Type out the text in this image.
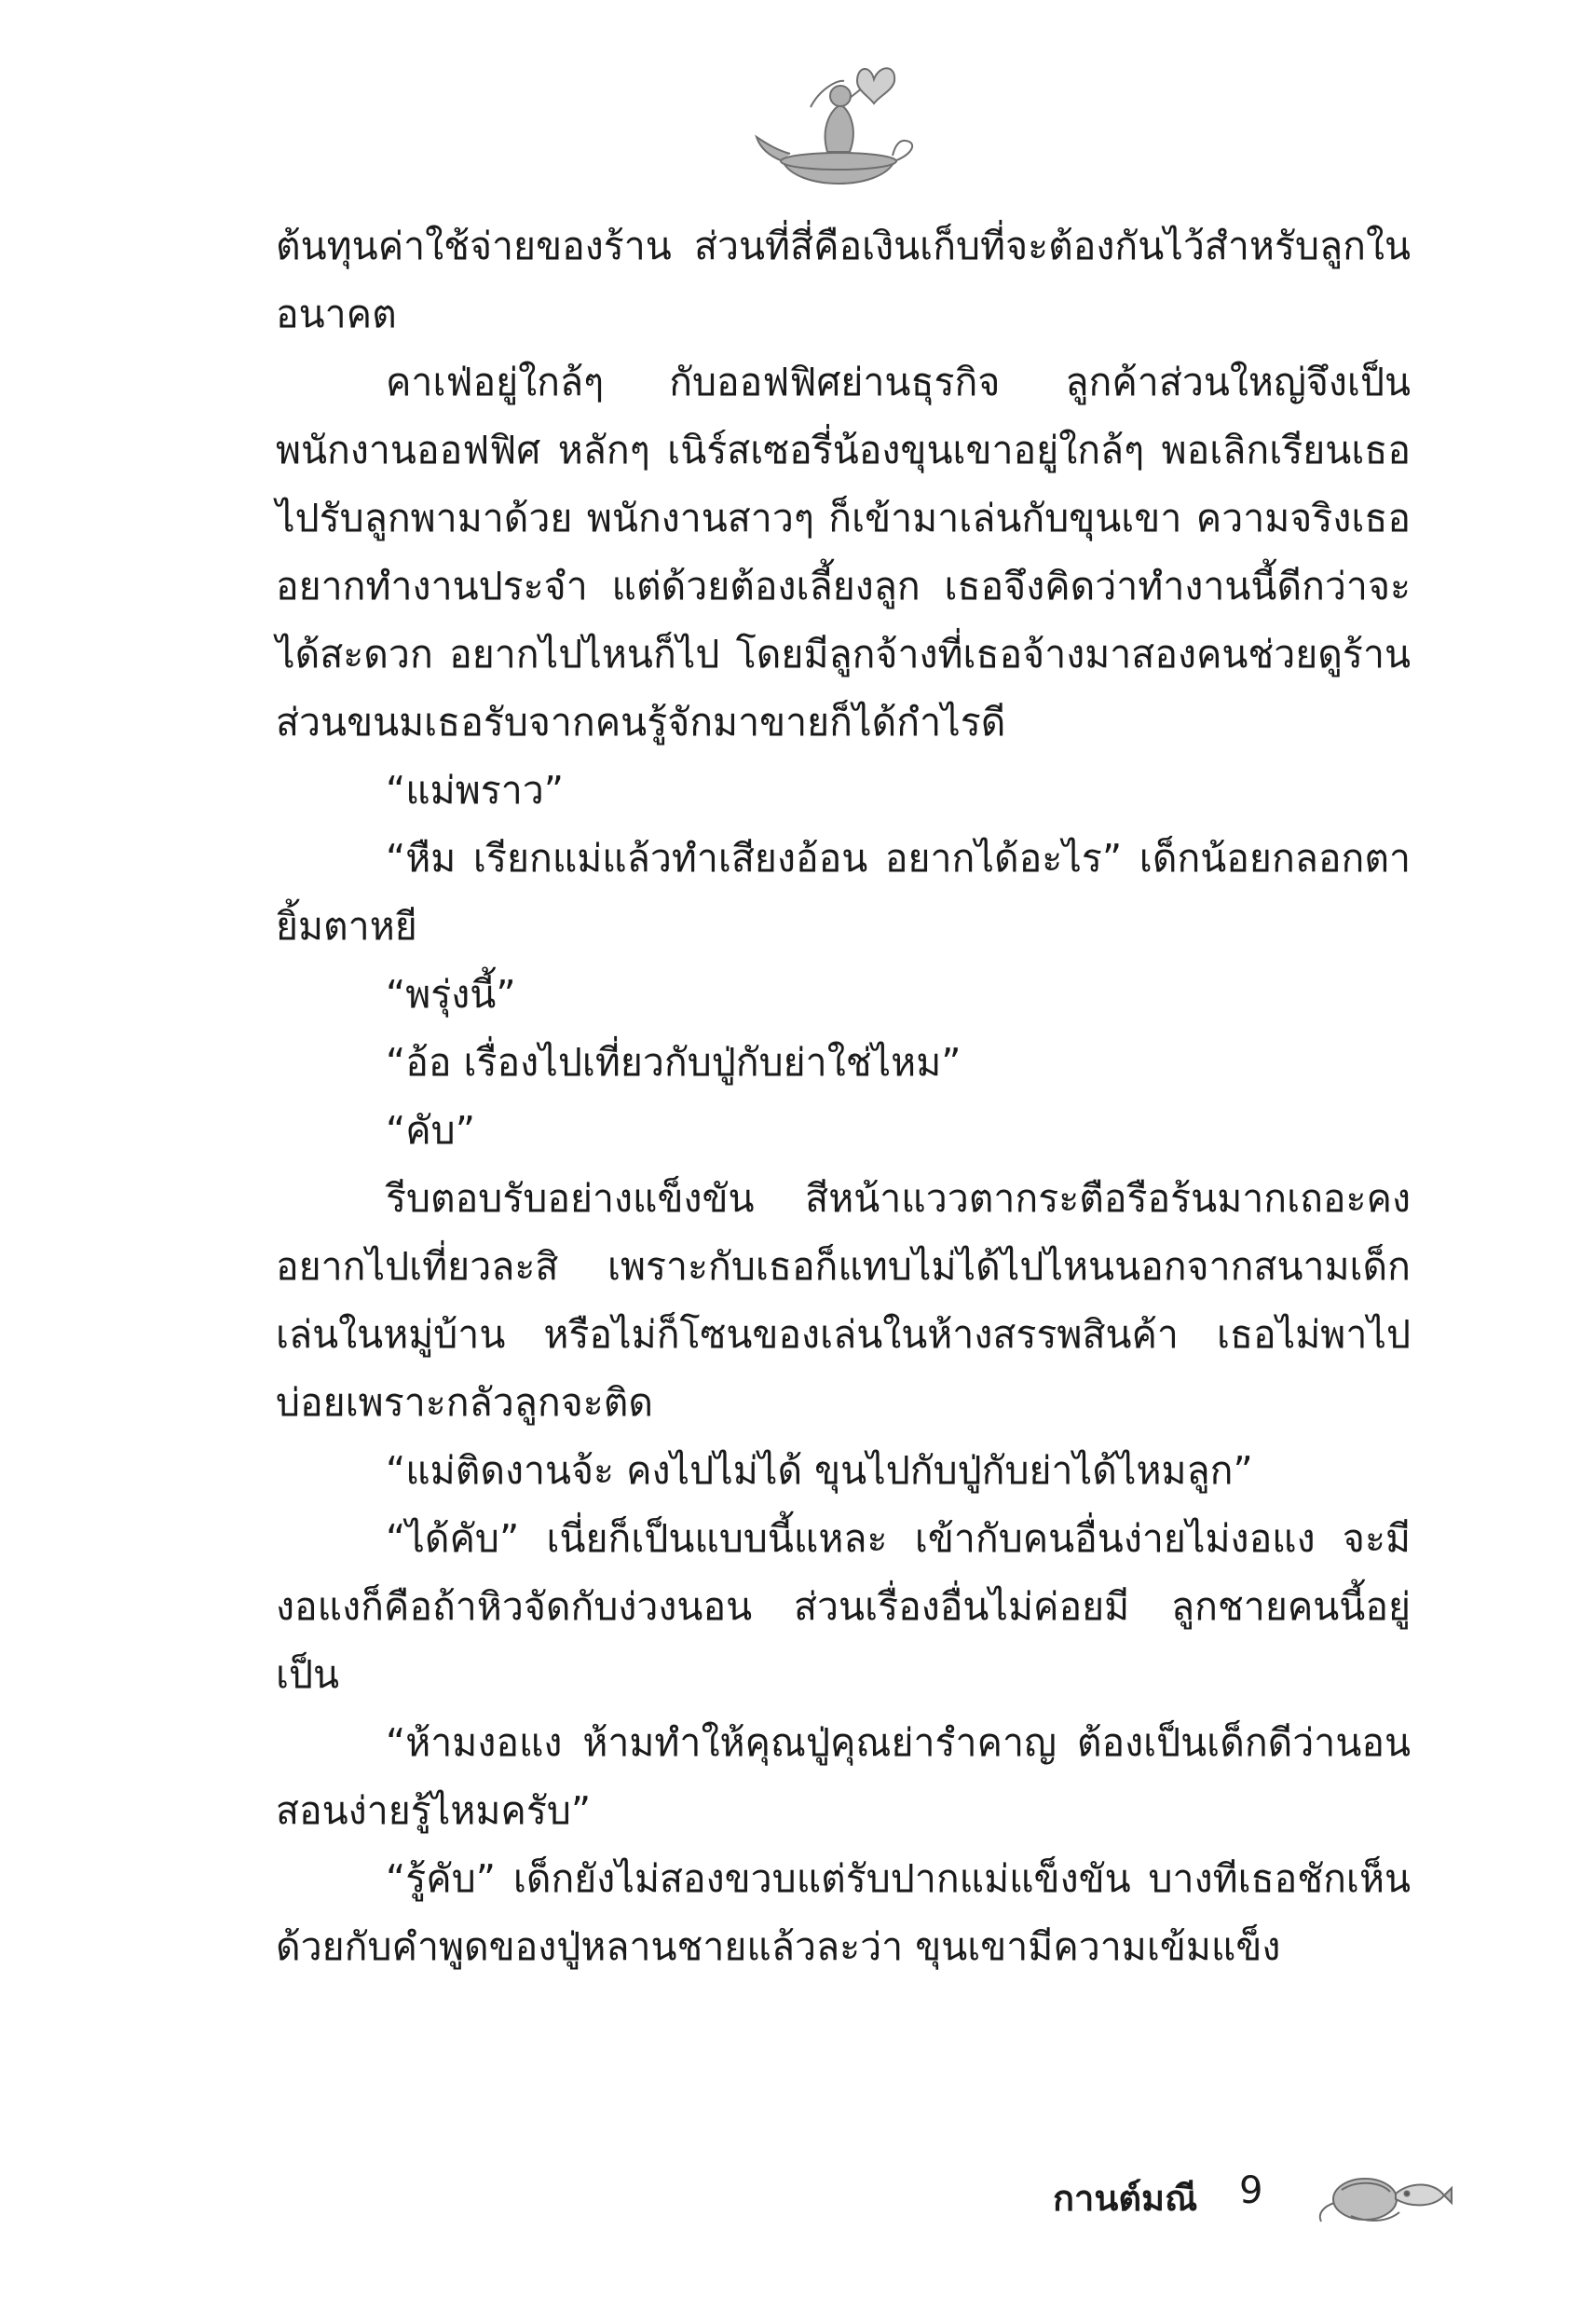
ต้นทุนค่าใช้จ่ายของร้าน ส่วนที่สี่คือเงินเก็บที่จะต้องกันไว้สำหรับลูกในอนาคต

คาเฟ่อยู่ใกล้ๆ กับออฟฟิศย่านธุรกิจ ลูกค้าส่วนใหญ่จึงเป็นพนักงานออฟฟิศ หลักๆ เนิร์สเซอรี่น้องขุนเขาอยู่ใกล้ๆ พอเลิกเรียนเธอไปรับลูกพามาด้วย พนักงานสาวๆ ก็เข้ามาเล่นกับขุนเขา ความจริงเธออยากทำงานประจำ แต่ด้วยต้องเลี้ยงลูก เธอจึงคิดว่าทำงานนี้ดีกว่าจะได้สะดวก อยากไปไหนก็ไป โดยมีลูกจ้างที่เธอจ้างมาสองคนช่วยดูร้าน ส่วนขนมเธอรับจากคนรู้จักมาขายก็ได้กำไรดี

“แม่พราว”

“หืม เรียกแม่แล้วทำเสียงอ้อน อยากได้อะไร” เด็กน้อยกลอกตายิ้มตาหยี

“พรุ่งนี้”

“อ้อ เรื่องไปเที่ยวกับปู่กับย่าใช่ไหม”

“คับ”

รีบตอบรับอย่างแข็งขัน สีหน้าแววตากระตือรือร้นมากเถอะคงอยากไปเที่ยวละสิ เพราะกับเธอก็แทบไม่ได้ไปไหนนอกจากสนามเด็กเล่นในหมู่บ้าน หรือไม่ก็โซนของเล่นในห้างสรรพสินค้า เธอไม่พาไปบ่อยเพราะกลัวลูกจะติด

“แม่ติดงานจ้ะ คงไปไม่ได้ ขุนไปกับปู่กับย่าได้ไหมลูก”

“ได้คับ” เนี่ยก็เป็นแบบนี้แหละ เข้ากับคนอื่นง่ายไม่งอแง จะมีงอแงก็คือถ้าหิวจัดกับง่วงนอน ส่วนเรื่องอื่นไม่ค่อยมี ลูกชายคนนี้อยู่เป็น

“ห้ามงอแง ห้ามทำให้คุณปู่คุณย่ารำคาญ ต้องเป็นเด็กดีว่านอนสอนง่ายรู้ไหมครับ”

“รู้คับ” เด็กยังไม่สองขวบแต่รับปากแม่แข็งขัน บางทีเธอชักเห็นด้วยกับคำพูดของปู่หลานชายแล้วละว่า ขุนเขามีความเข้มแข็ง

กานต์มณี 9
